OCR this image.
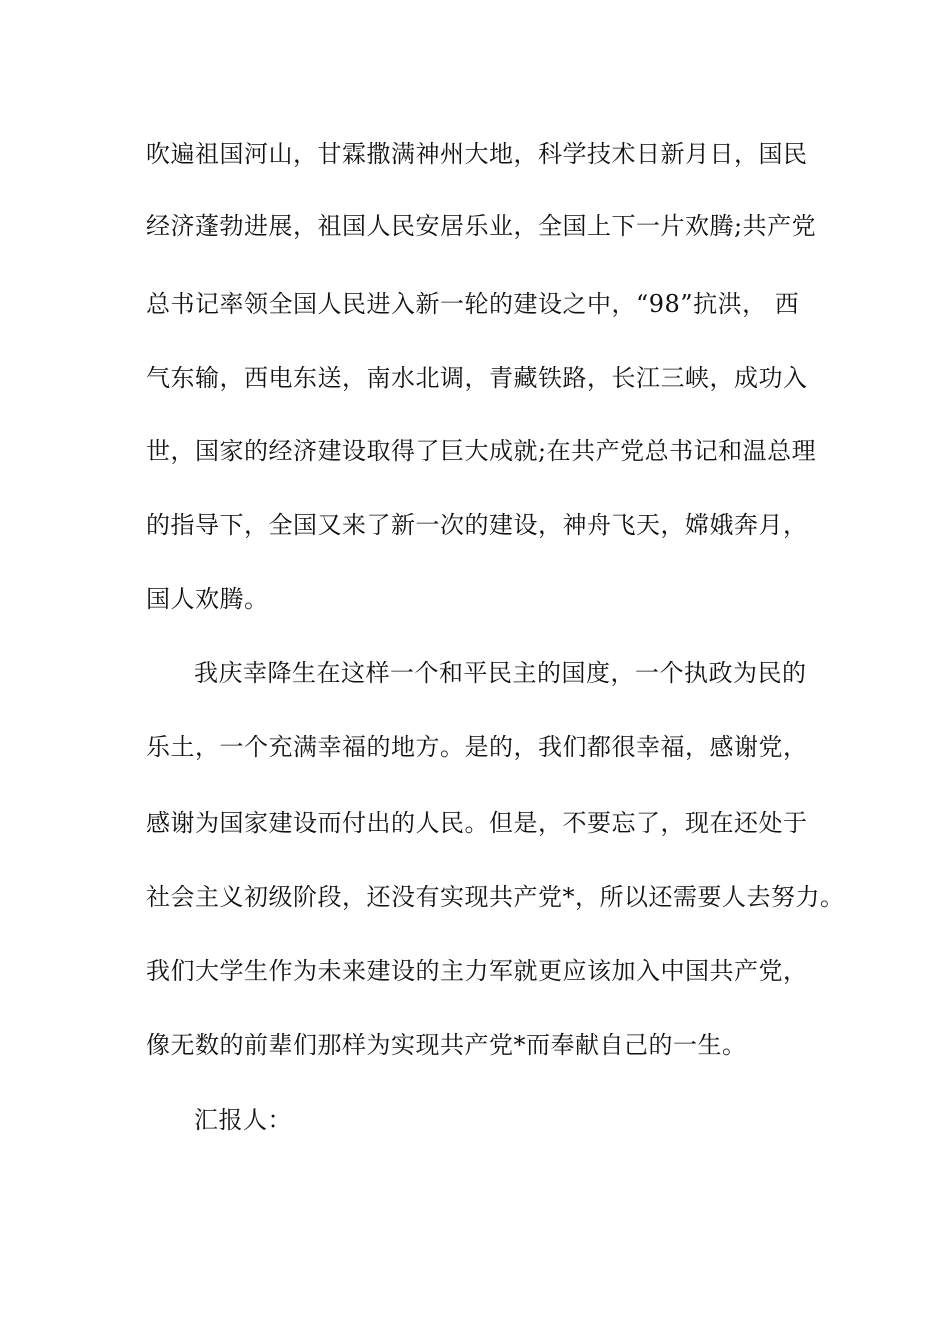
吹遍祖国河山，甘霖撒满神州大地，科学技术日新月日，国民
经济蓬勃进展，祖国人民安居乐业，全国上下一片欢腾;共产党
总书记率领全国人民进入新一轮的建设之中，“98”抗洪， 西
气东输，西电东送，南水北调，青藏铁路，长江三峡，成功入
世，国家的经济建设取得了巨大成就;在共产党总书记和温总理
的指导下，全国又来了新一次的建设，神舟飞天，嫦娥奔月，
国人欢腾。
我庆幸降生在这样一个和平民主的国度，一个执政为民的
乐土，一个充满幸福的地方。是的，我们都很幸福，感谢党，
感谢为国家建设而付出的人民。但是，不要忘了，现在还处于
社会主义初级阶段，还没有实现共产党*，所以还需要人去努力。
我们大学生作为未来建设的主力军就更应该加入中国共产党，
像无数的前辈们那样为实现共产党*而奉献自己的一生。
汇报人：
